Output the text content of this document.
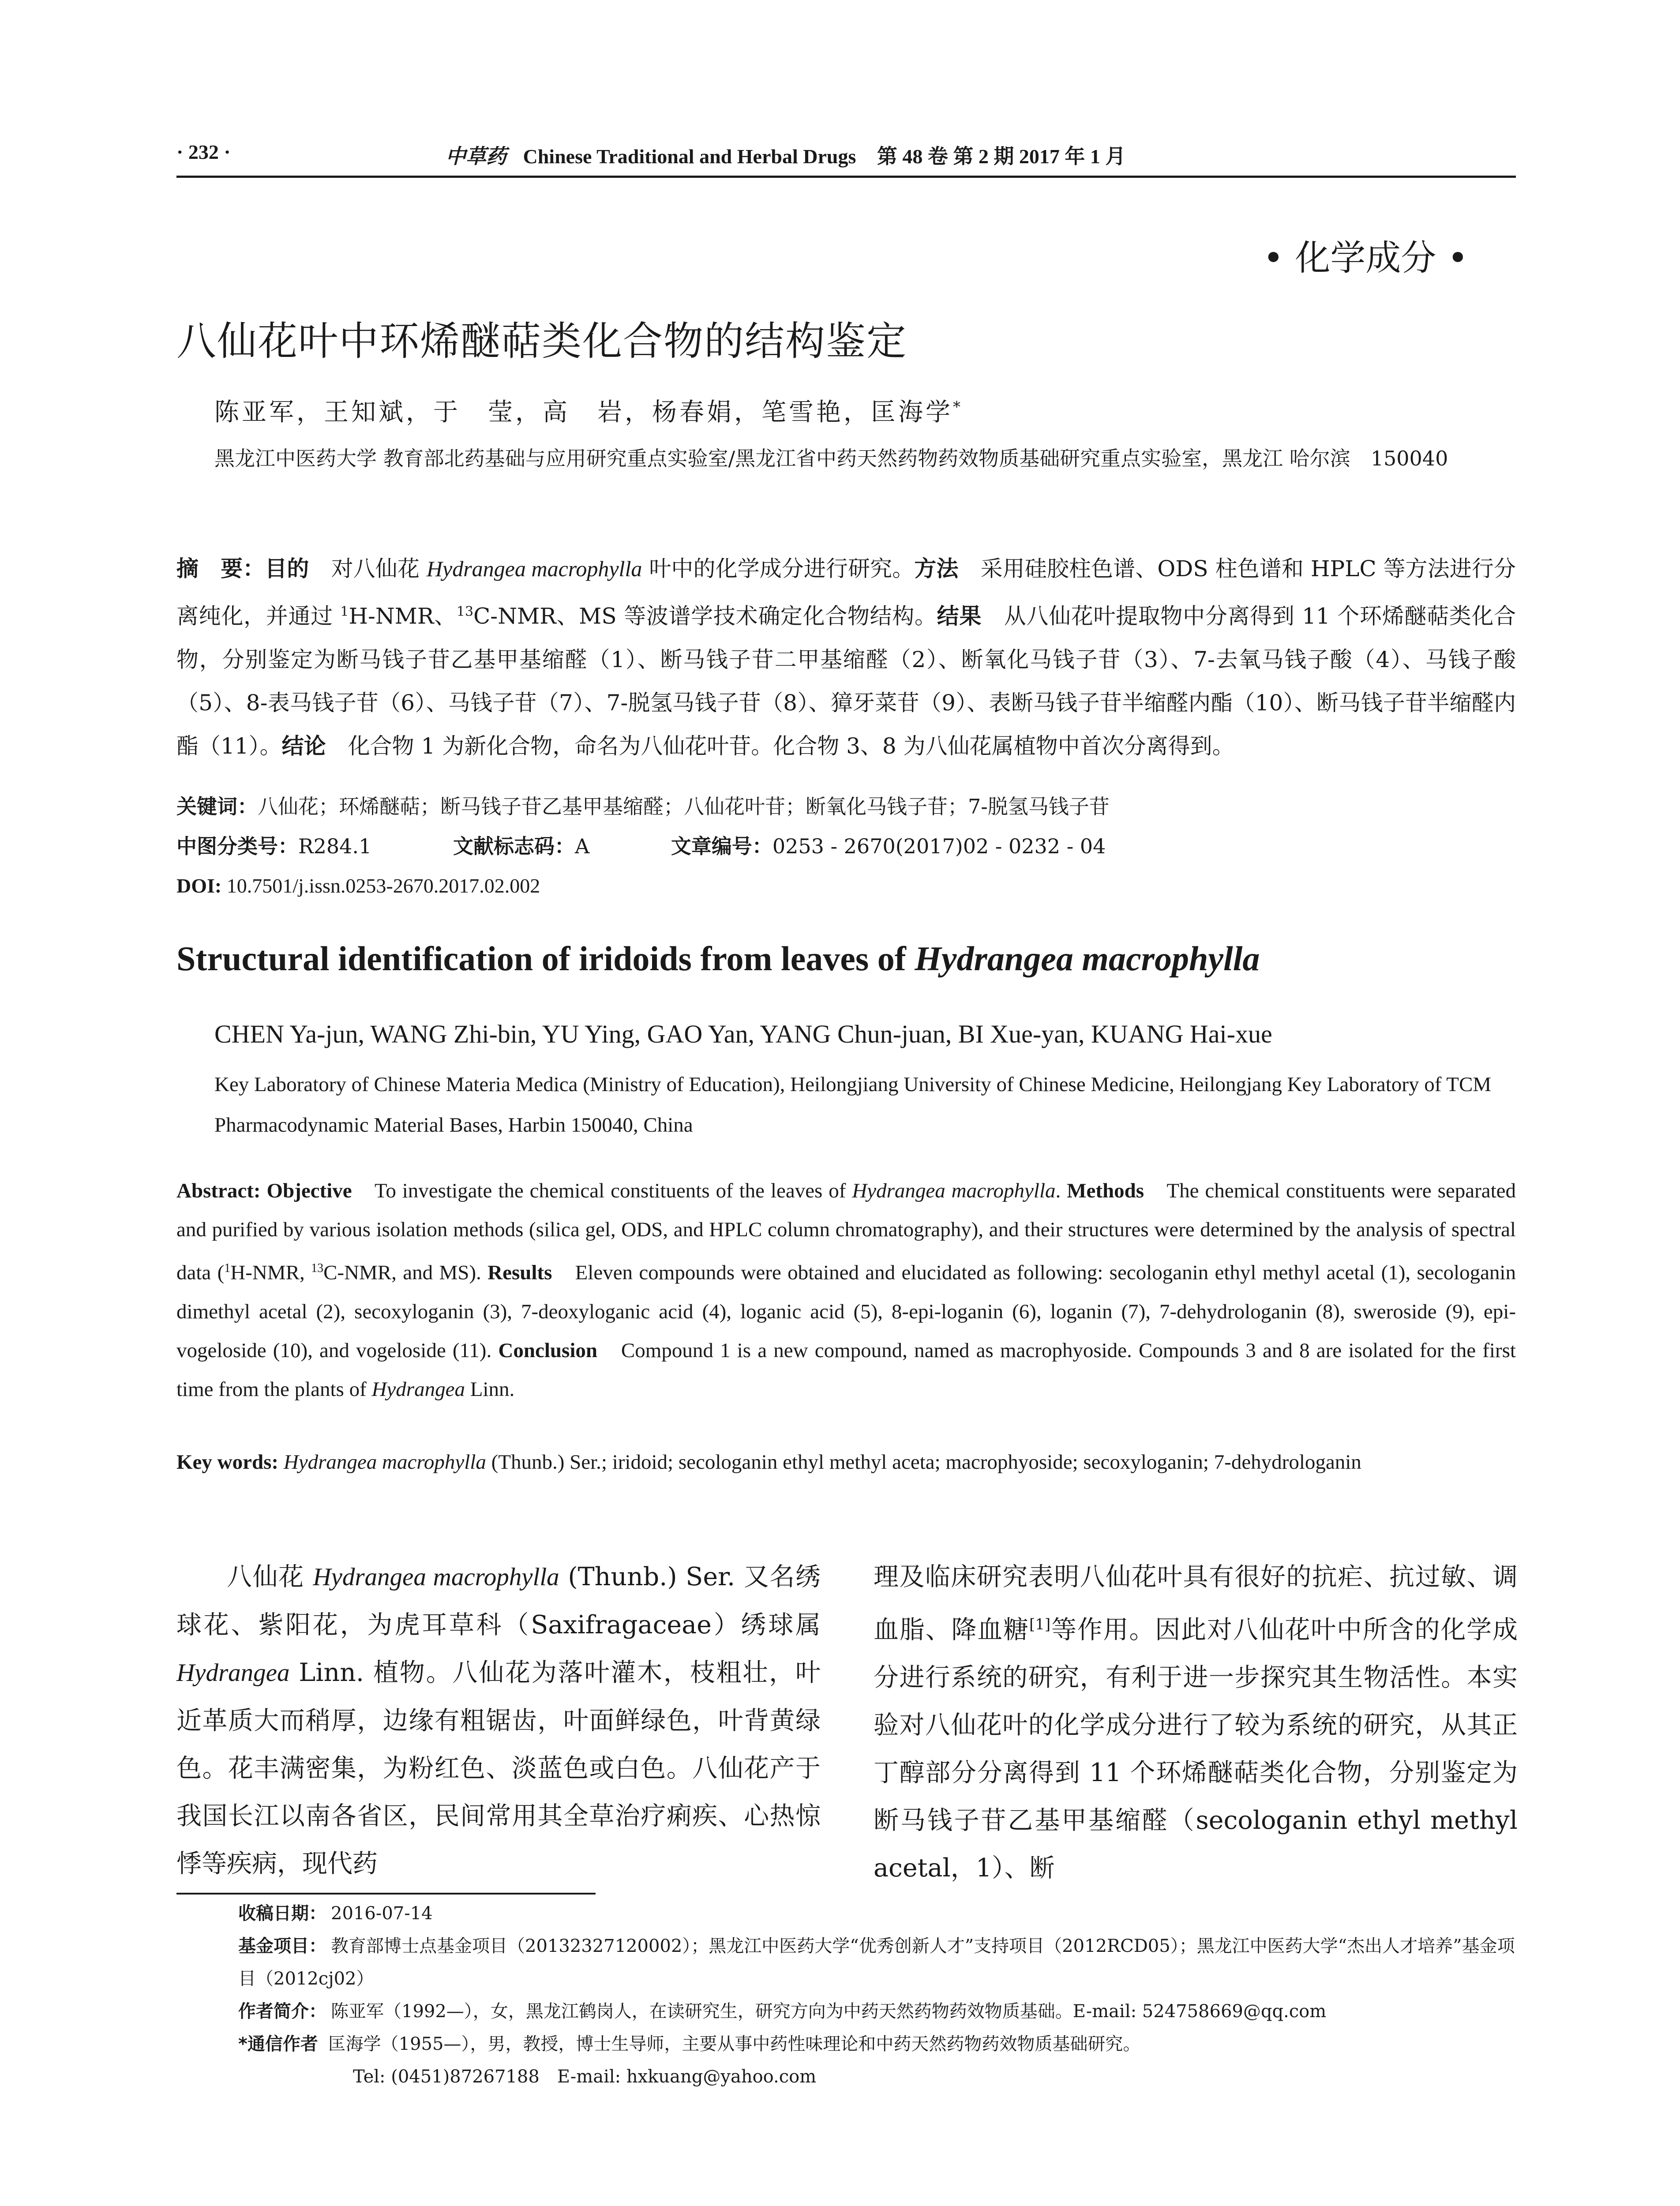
· 232 ·	中草药 Chinese Traditional and Herbal Drugs 第 48 卷 第 2 期 2017 年 1 月
• 化学成分 •
八仙花叶中环烯醚萜类化合物的结构鉴定
陈亚军，王知斌，于　莹，高　岩，杨春娟，笔雪艳，匡海学*
黑龙江中医药大学 教育部北药基础与应用研究重点实验室/黑龙江省中药天然药物药效物质基础研究重点实验室，黑龙江 哈尔滨　150040
摘　要：目的　对八仙花 Hydrangea macrophylla 叶中的化学成分进行研究。方法　采用硅胶柱色谱、ODS 柱色谱和 HPLC 等方法进行分离纯化，并通过 $^1$H-NMR、$^{13}$C-NMR、MS 等波谱学技术确定化合物结构。结果　从八仙花叶提取物中分离得到 11 个环烯醚萜类化合物，分别鉴定为断马钱子苷乙基甲基缩醛（1）、断马钱子苷二甲基缩醛（2）、断氧化马钱子苷（3）、7-去氧马钱子酸（4）、马钱子酸（5）、8-表马钱子苷（6）、马钱子苷（7）、7-脱氢马钱子苷（8）、獐牙菜苷（9）、表断马钱子苷半缩醛内酯（10）、断马钱子苷半缩醛内酯（11）。结论　化合物 1 为新化合物，命名为八仙花叶苷。化合物 3、8 为八仙花属植物中首次分离得到。
关键词：八仙花；环烯醚萜；断马钱子苷乙基甲基缩醛；八仙花叶苷；断氧化马钱子苷；7-脱氢马钱子苷
中图分类号：R284.1	文献标志码：A	文章编号：0253 - 2670(2017)02 - 0232 - 04
DOI: 10.7501/j.issn.0253-2670.2017.02.002
Structural identification of iridoids from leaves of Hydrangea macrophylla
CHEN Ya-jun, WANG Zhi-bin, YU Ying, GAO Yan, YANG Chun-juan, BI Xue-yan, KUANG Hai-xue
Key Laboratory of Chinese Materia Medica (Ministry of Education), Heilongjiang University of Chinese Medicine, Heilongjang Key Laboratory of TCM Pharmacodynamic Material Bases, Harbin 150040, China
Abstract: Objective　To investigate the chemical constituents of the leaves of Hydrangea macrophylla. Methods　The chemical constituents were separated and purified by various isolation methods (silica gel, ODS, and HPLC column chromatography), and their structures were determined by the analysis of spectral data ($^1$H-NMR, $^{13}$C-NMR, and MS). Results　Eleven compounds were obtained and elucidated as following: secologanin ethyl methyl acetal (1), secologanin dimethyl acetal (2), secoxyloganin (3), 7-deoxyloganic acid (4), loganic acid (5), 8-epi-loganin (6), loganin (7), 7-dehydrologanin (8), sweroside (9), epi-vogeloside (10), and vogeloside (11). Conclusion　Compound 1 is a new compound, named as macrophyoside. Compounds 3 and 8 are isolated for the first time from the plants of Hydrangea Linn.
Key words: Hydrangea macrophylla (Thunb.) Ser.; iridoid; secologanin ethyl methyl aceta; macrophyoside; secoxyloganin; 7-dehydrologanin
八仙花 Hydrangea macrophylla (Thunb.) Ser. 又名绣球花、紫阳花，为虎耳草科（Saxifragaceae）绣球属 Hydrangea Linn. 植物。八仙花为落叶灌木，枝粗壮，叶近革质大而稍厚，边缘有粗锯齿，叶面鲜绿色，叶背黄绿色。花丰满密集，为粉红色、淡蓝色或白色。八仙花产于我国长江以南各省区，民间常用其全草治疗痢疾、心热惊悸等疾病，现代药
理及临床研究表明八仙花叶具有很好的抗疟、抗过敏、调血脂、降血糖[1]等作用。因此对八仙花叶中所含的化学成分进行系统的研究，有利于进一步探究其生物活性。本实验对八仙花叶的化学成分进行了较为系统的研究，从其正丁醇部分分离得到 11 个环烯醚萜类化合物，分别鉴定为断马钱子苷乙基甲基缩醛（secologanin ethyl methyl acetal，1）、断
收稿日期： 2016-07-14
基金项目： 教育部博士点基金项目（20132327120002）；黑龙江中医药大学“优秀创新人才”支持项目（2012RCD05）；黑龙江中医药大学“杰出人才培养”基金项目（2012cj02）
作者简介： 陈亚军（1992—），女，黑龙江鹤岗人，在读研究生，研究方向为中药天然药物药效物质基础。E-mail: 524758669@qq.com
*通信作者 匡海学（1955—），男，教授，博士生导师，主要从事中药性味理论和中药天然药物药效物质基础研究。
Tel: (0451)87267188　E-mail: hxkuang@yahoo.com
